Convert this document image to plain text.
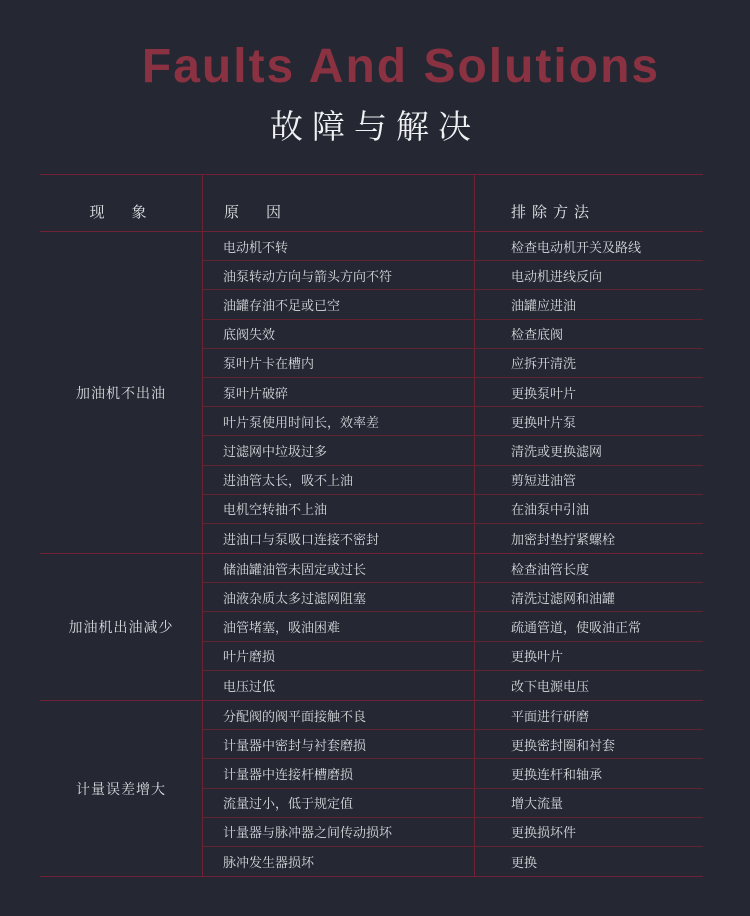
Faults And Solutions
故障与解决
现　象	原　因	排除方法
加油机不出油
电动机不转	检查电动机开关及路线
油泵转动方向与箭头方向不符	电动机进线反向
油罐存油不足或已空	油罐应进油
底阀失效	检查底阀
泵叶片卡在槽内	应拆开清洗
泵叶片破碎	更换泵叶片
叶片泵使用时间长，效率差	更换叶片泵
过滤网中垃圾过多	清洗或更换滤网
进油管太长，吸不上油	剪短进油管
电机空转抽不上油	在油泵中引油
进油口与泵吸口连接不密封	加密封垫拧紧螺栓
加油机出油减少
储油罐油管未固定或过长	检查油管长度
油液杂质太多过滤网阻塞	清洗过滤网和油罐
油管堵塞，吸油困难	疏通管道，使吸油正常
叶片磨损	更换叶片
电压过低	改下电源电压
计量误差增大
分配阀的阀平面接触不良	平面进行研磨
计量器中密封与衬套磨损	更换密封圈和衬套
计量器中连接杆槽磨损	更换连杆和轴承
流量过小，低于规定值	增大流量
计量器与脉冲器之间传动损坏	更换损坏件
脉冲发生器损坏	更换
